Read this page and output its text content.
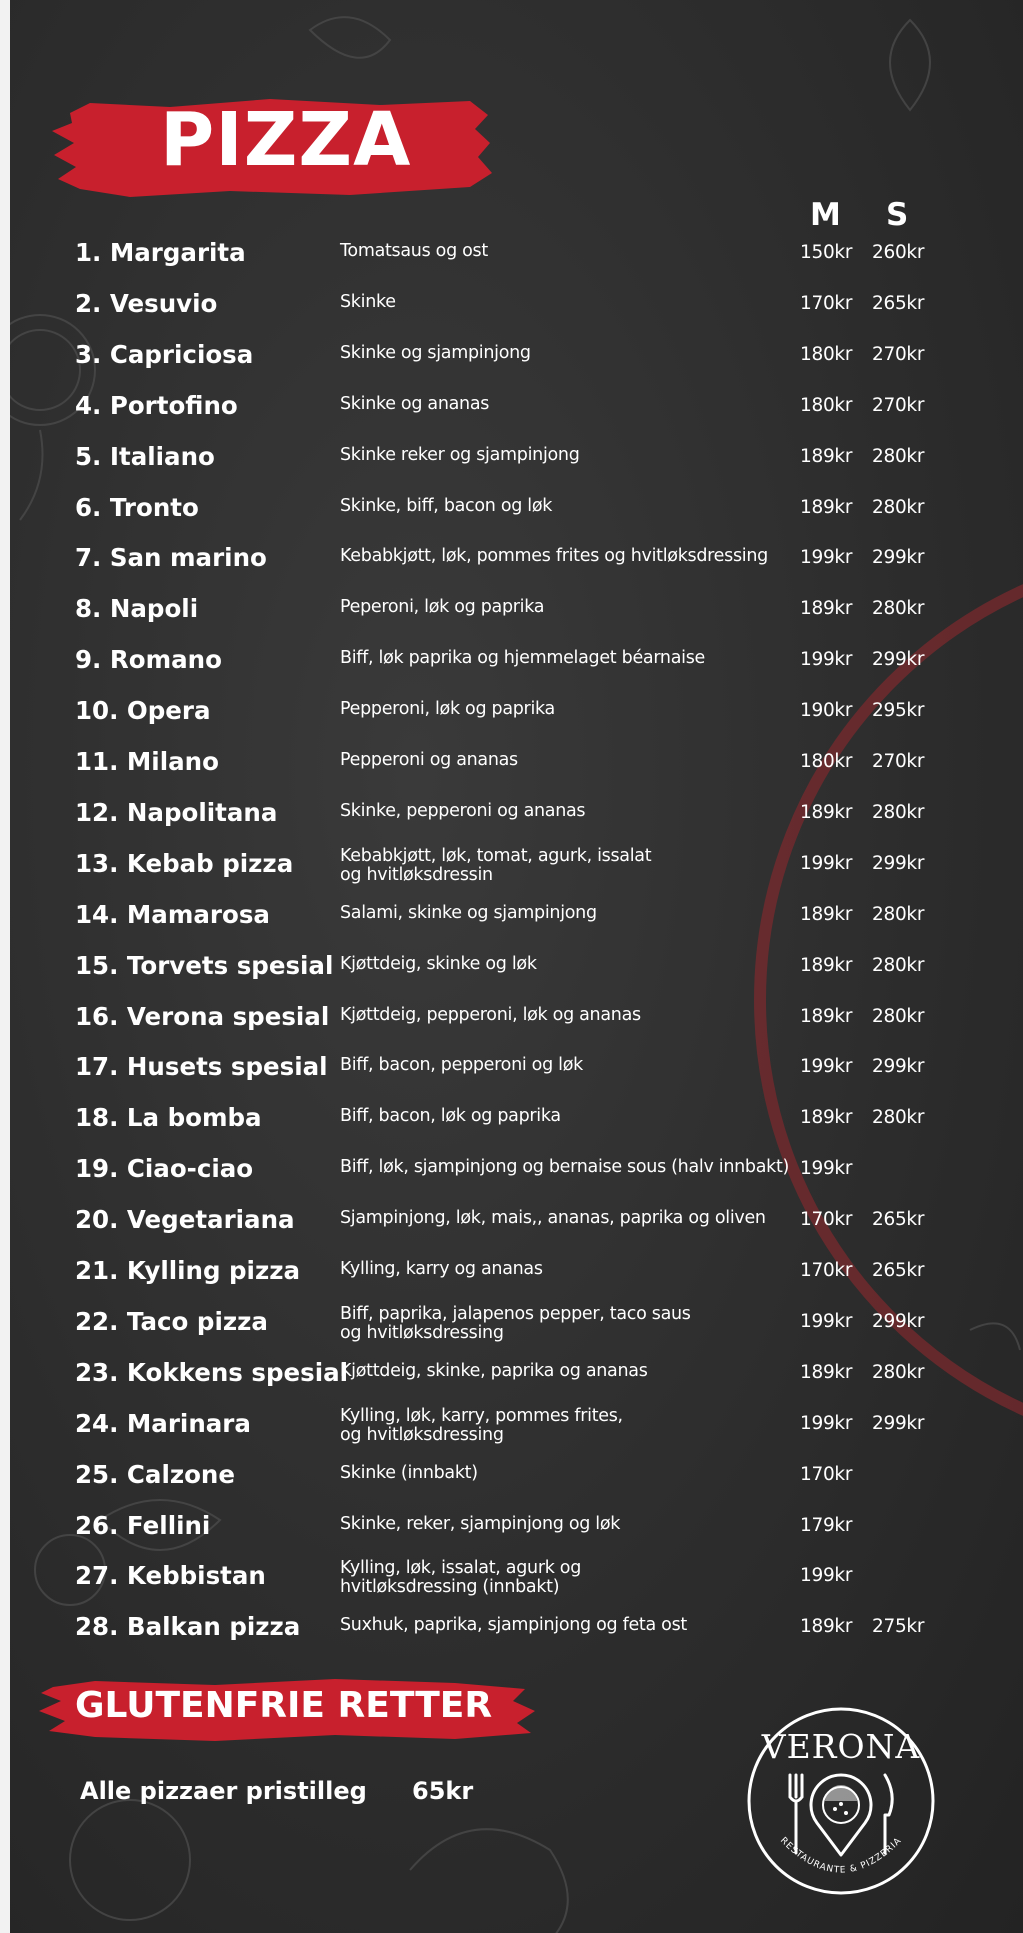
PIZZA
M S
1. Margarita	Tomatsaus og ost	150kr 260kr
2. Vesuvio	Skinke	170kr 265kr
3. Capriciosa	Skinke og sjampinjong	180kr 270kr
4. Portofino	Skinke og ananas	180kr 270kr
5. Italiano	Skinke reker og sjampinjong	189kr 280kr
6. Tronto	Skinke, biff, bacon og løk	189kr 280kr
7. San marino	Kebabkjøtt, løk, pommes frites og hvitløksdressing	199kr 299kr
8. Napoli	Peperoni, løk og paprika	189kr 280kr
9. Romano	Biff, løk paprika og hjemmelaget béarnaise	199kr 299kr
10. Opera	Pepperoni, løk og paprika	190kr 295kr
11. Milano	Pepperoni og ananas	180kr 270kr
12. Napolitana	Skinke, pepperoni og ananas	189kr 280kr
13. Kebab pizza	Kebabkjøtt, løk, tomat, agurk, issalat
og hvitløksdressin
199kr 299kr
14. Mamarosa	Salami, skinke og sjampinjong	189kr 280kr
15. Torvets spesial Kjøttdeig, skinke og løk	189kr 280kr
16. Verona spesial Kjøttdeig, pepperoni, løk og ananas	189kr 280kr
17. Husets spesial Biff, bacon, pepperoni og løk	199kr 299kr
18. La bomba	Biff, bacon, løk og paprika	189kr 280kr
19. Ciao-ciao	Biff, løk, sjampinjong og bernaise sous (halv innbakt) 199kr
20. Vegetariana	Sjampinjong, løk, mais,, ananas, paprika og oliven	170kr 265kr
21. Kylling pizza Kylling, karry og ananas	170kr 265kr
22. Taco pizza	Biff, paprika, jalapenos pepper, taco saus
og hvitløksdressing
199kr 299kr
23. Kokkens spesial
Kjøttdeig, skinke, paprika og ananas	189kr 280kr
24. Marinara	Kylling, løk, karry, pommes frites,
og hvitløksdressing
199kr 299kr
25. Calzone	Skinke (innbakt)	170kr
26. Fellini	Skinke, reker, sjampinjong og løk	179kr
27. Kebbistan	Kylling, løk, issalat, agurk og
hvitløksdressing (innbakt)
199kr
28. Balkan pizza Suxhuk, paprika, sjampinjong og feta ost	189kr 275kr
GLUTENFRIE RETTER
Alle pizzaer pristilleg 65kr
VERONA
RESTAURANTE & PIZZERIA
